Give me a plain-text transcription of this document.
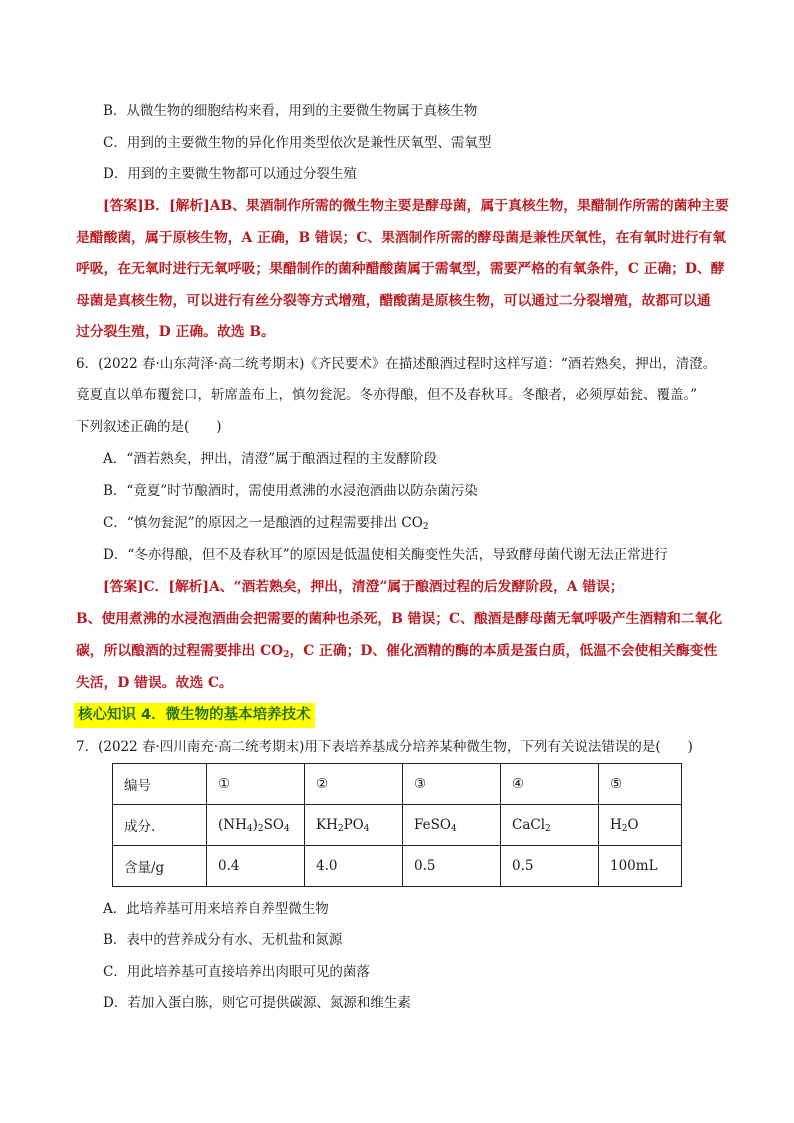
B．从微生物的细胞结构来看，用到的主要微生物属于真核生物
C．用到的主要微生物的异化作用类型依次是兼性厌氧型、需氧型
D．用到的主要微生物都可以通过分裂生殖
[答案]B．[解析]AB、果酒制作所需的微生物主要是酵母菌，属于真核生物，果醋制作所需的菌种主要
是醋酸菌，属于原核生物，A 正确，B 错误；C、果酒制作所需的酵母菌是兼性厌氧性，在有氧时进行有氧
呼吸，在无氧时进行无氧呼吸；果醋制作的菌种醋酸菌属于需氧型，需要严格的有氧条件，C 正确；D、酵
母菌是真核生物，可以进行有丝分裂等方式增殖，醋酸菌是原核生物，可以通过二分裂增殖，故都可以通
过分裂生殖，D 正确。故选 B。
6．(2022 春·山东菏泽·高二统考期末)《齐民要术》在描述酿酒过程时这样写道：“酒若熟矣，押出，清澄。
竟夏直以单布覆瓮口，斩席盖布上，慎勿瓮泥。冬亦得酿，但不及春秋耳。冬酿者，必须厚茹瓮、覆盖。”
下列叙述正确的是(　　)
A．“酒若熟矣，押出，清澄”属于酿酒过程的主发酵阶段
B．“竟夏”时节酿酒时，需使用煮沸的水浸泡酒曲以防杂菌污染
C．“慎勿瓮泥”的原因之一是酿酒的过程需要排出 $CO_2$
D．“冬亦得酿，但不及春秋耳”的原因是低温使相关酶变性失活，导致酵母菌代谢无法正常进行
[答案]C．[解析]A、“酒若熟矣，押出，清澄”属于酿酒过程的后发酵阶段，A 错误；
B、使用煮沸的水浸泡酒曲会把需要的菌种也杀死，B 错误；C、酿酒是酵母菌无氧呼吸产生酒精和二氧化
碳，所以酿酒的过程需要排出 $CO_2$，C 正确；D、催化酒精的酶的本质是蛋白质，低温不会使相关酶变性
失活，D 错误。故选 C。
核心知识 4．微生物的基本培养技术
7．(2022 春·四川南充·高二统考期末)用下表培养基成分培养某种微生物，下列有关说法错误的是(　　)
编号	①	②	③	④	⑤
成分.	$(NH_4)_2SO_4$	$KH_2PO_4$	FeSO$_4$	CaCl$_2$	$H_2O$
含量/g	0.4	4.0	0.5	0.5	100mL
A．此培养基可用来培养自养型微生物
B．表中的营养成分有水、无机盐和氮源
C．用此培养基可直接培养出肉眼可见的菌落
D．若加入蛋白胨，则它可提供碳源、氮源和维生素
